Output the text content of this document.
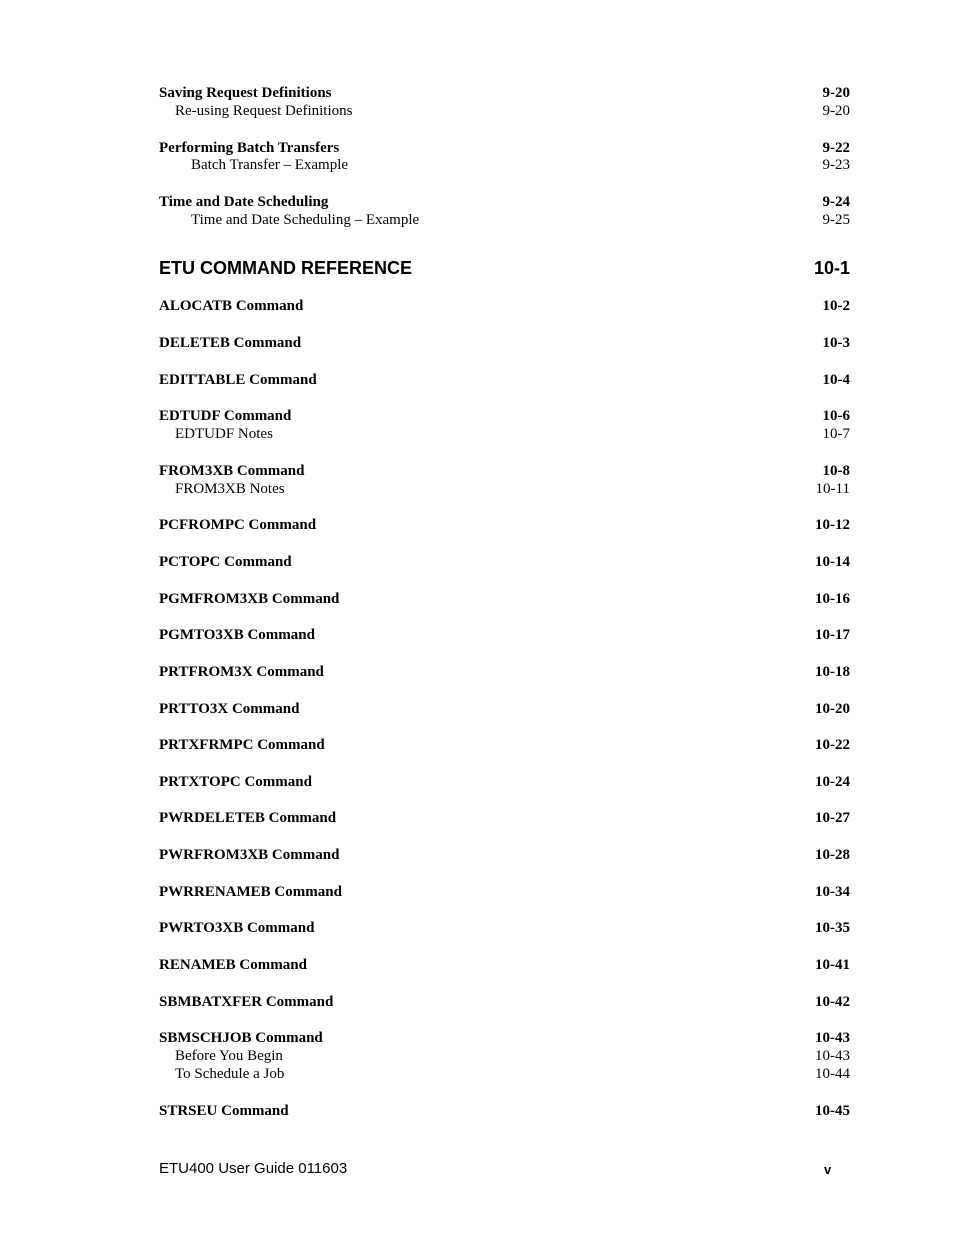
Saving Request Definitions	9-20
Re-using Request Definitions	9-20
Performing Batch Transfers	9-22
Batch Transfer – Example	9-23
Time and Date Scheduling	9-24
Time and Date Scheduling – Example	9-25
ETU COMMAND REFERENCE	10-1
ALOCATB Command	10-2
DELETEB Command	10-3
EDITTABLE Command	10-4
EDTUDF Command	10-6
EDTUDF Notes	10-7
FROM3XB Command	10-8
FROM3XB Notes	10-11
PCFROMPC Command	10-12
PCTOPC Command	10-14
PGMFROM3XB Command	10-16
PGMTO3XB Command	10-17
PRTFROM3X Command	10-18
PRTTO3X Command	10-20
PRTXFRMPC Command	10-22
PRTXTOPC Command	10-24
PWRDELETEB Command	10-27
PWRFROM3XB Command	10-28
PWRRENAMEB Command	10-34
PWRTO3XB Command	10-35
RENAMEB Command	10-41
SBMBATXFER Command	10-42
SBMSCHJOB Command	10-43
Before You Begin	10-43
To Schedule a Job	10-44
STRSEU Command	10-45
ETU400 User Guide 011603	v
